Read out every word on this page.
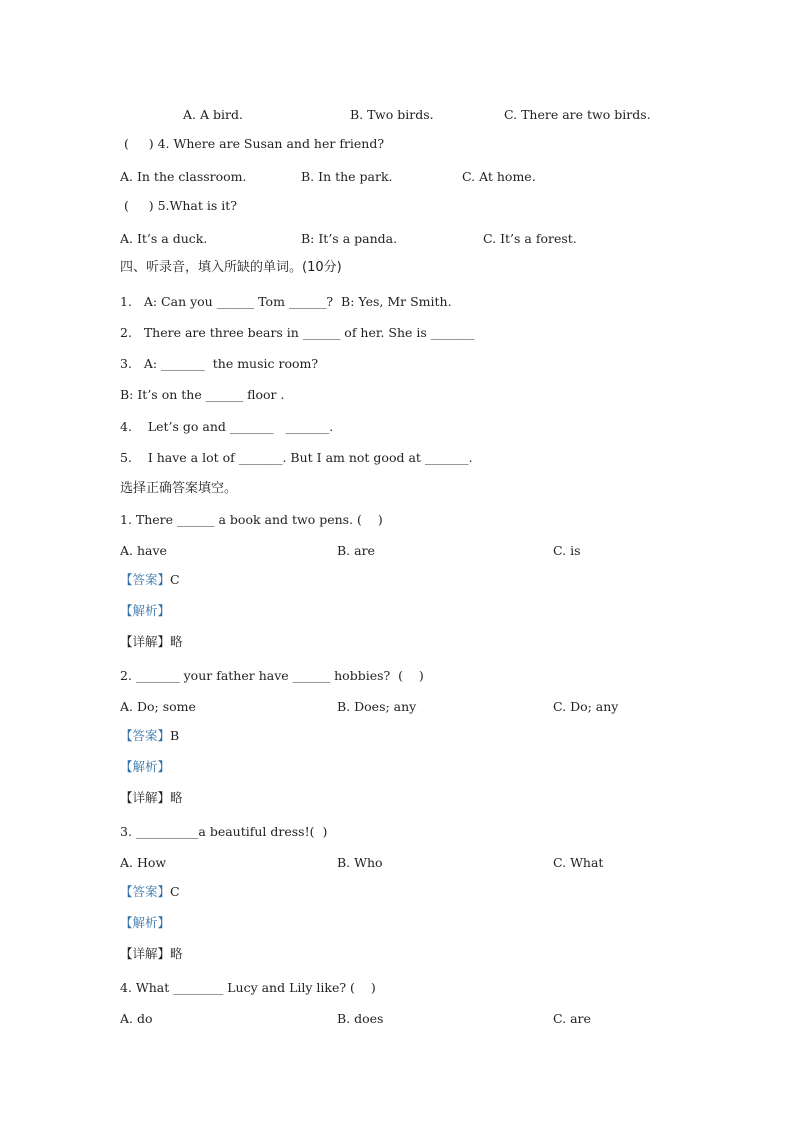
A. A bird.	B. Two birds.	C. There are two birds.
(     ) 4. Where are Susan and her friend?
A. In the classroom.	B. In the park.	C. At home.
(     ) 5.What is it?
A. It’s a duck.	B: It’s a panda.	C. It’s a forest.
四、听录音，填入所缺的单词。(10分)
1.   A: Can you ______ Tom ______?  B: Yes, Mr Smith.
2.   There are three bears in ______ of her. She is _______
3.   A: _______  the music room?
B: It’s on the ______ floor .
4.    Let’s go and _______   _______.
5.    I have a lot of _______. But I am not good at _______.
选择正确答案填空。
1. There ______ a book and two pens. (    )
A. have	B. are	C. is
【答案】C
【解析】
【详解】略
2. _______ your father have ______ hobbies?  (    )
A. Do; some	B. Does; any	C. Do; any
【答案】B
【解析】
【详解】略
3. __________a beautiful dress!(  )
A. How	B. Who	C. What
【答案】C
【解析】
【详解】略
4. What ________ Lucy and Lily like? (    )
A. do	B. does	C. are
